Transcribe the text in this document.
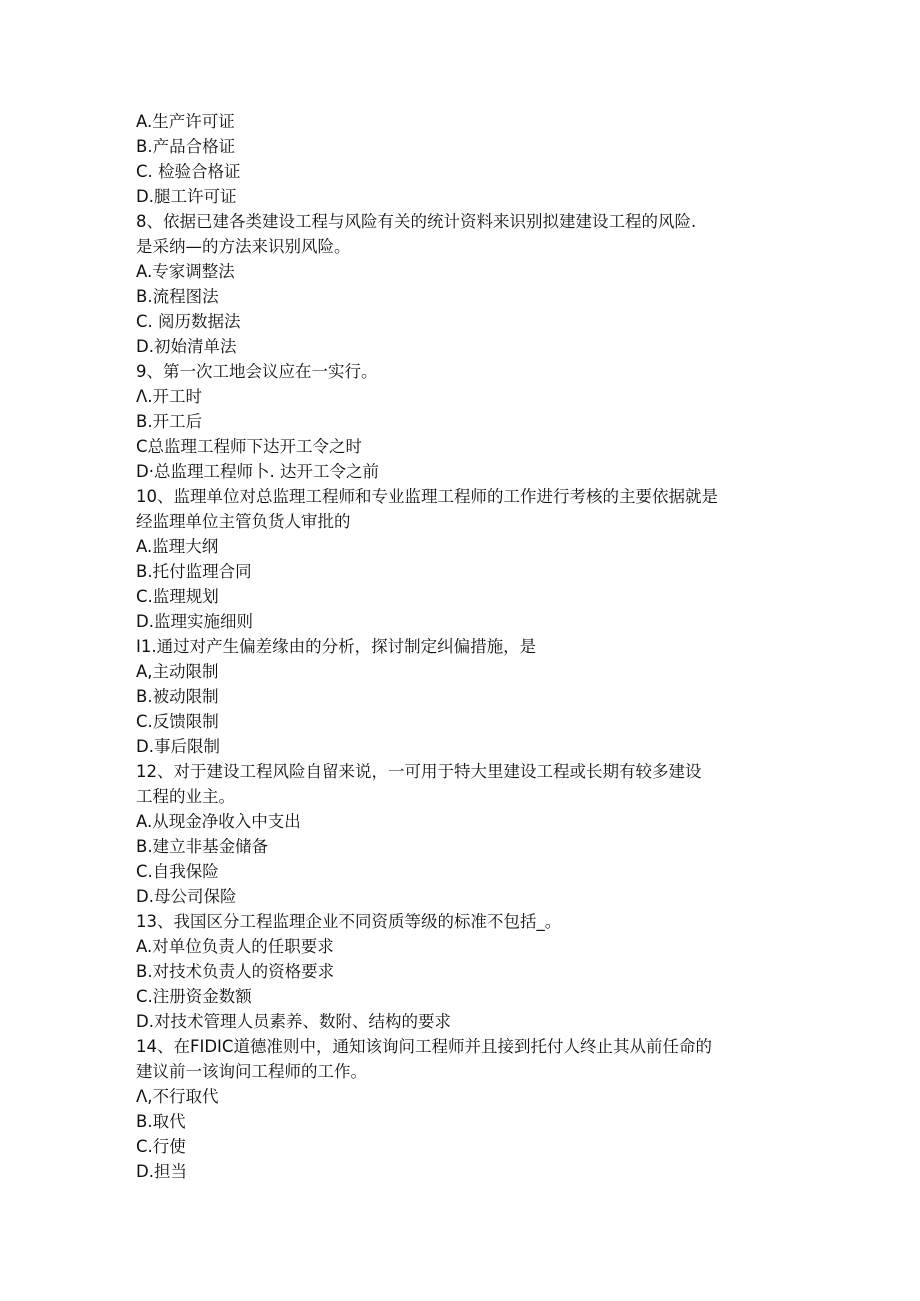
A.生产许可证
B.产品合格证
C. 检验合格证
D.腿工许可证
8、依据已建各类建设工程与风险有关的统计资料来识别拟建建设工程的风险.
是采纳—的方法来识别风险。
A.专家调整法
B.流程图法
C. 阅历数据法
D.初始清单法
9、第一次工地会议应在一实行。
Λ.开工时
B.开工后
C总监理工程师下达开工令之时
D·总监理工程师卜. 达开工令之前
10、监理单位对总监理工程师和专业监理工程师的工作进行考核的主要依据就是
经监理单位主管负货人审批的
A.监理大纲
B.托付监理合同
C.监理规划
D.监理实施细则
I1.通过对产生偏差缘由的分析，探讨制定纠偏措施，是
A,主动限制
B.被动限制
C.反馈限制
D.事后限制
12、对于建设工程风险自留来说，一可用于特大里建设工程或长期有较多建设
工程的业主。
A.从现金净收入中支出
B.建立非基金储备
C.自我保险
D.母公司保险
13、我国区分工程监理企业不同资质等级的标准不包括_。
A.对单位负责人的任职要求
B.对技术负责人的资格要求
C.注册资金数额
D.对技术管理人员素养、数附、结构的要求
14、在FIDIC道德准则中，通知该询问工程师并且接到托付人终止其从前任命的
建议前一该询问工程师的工作。
Λ,不行取代
B.取代
C.行使
D.担当
